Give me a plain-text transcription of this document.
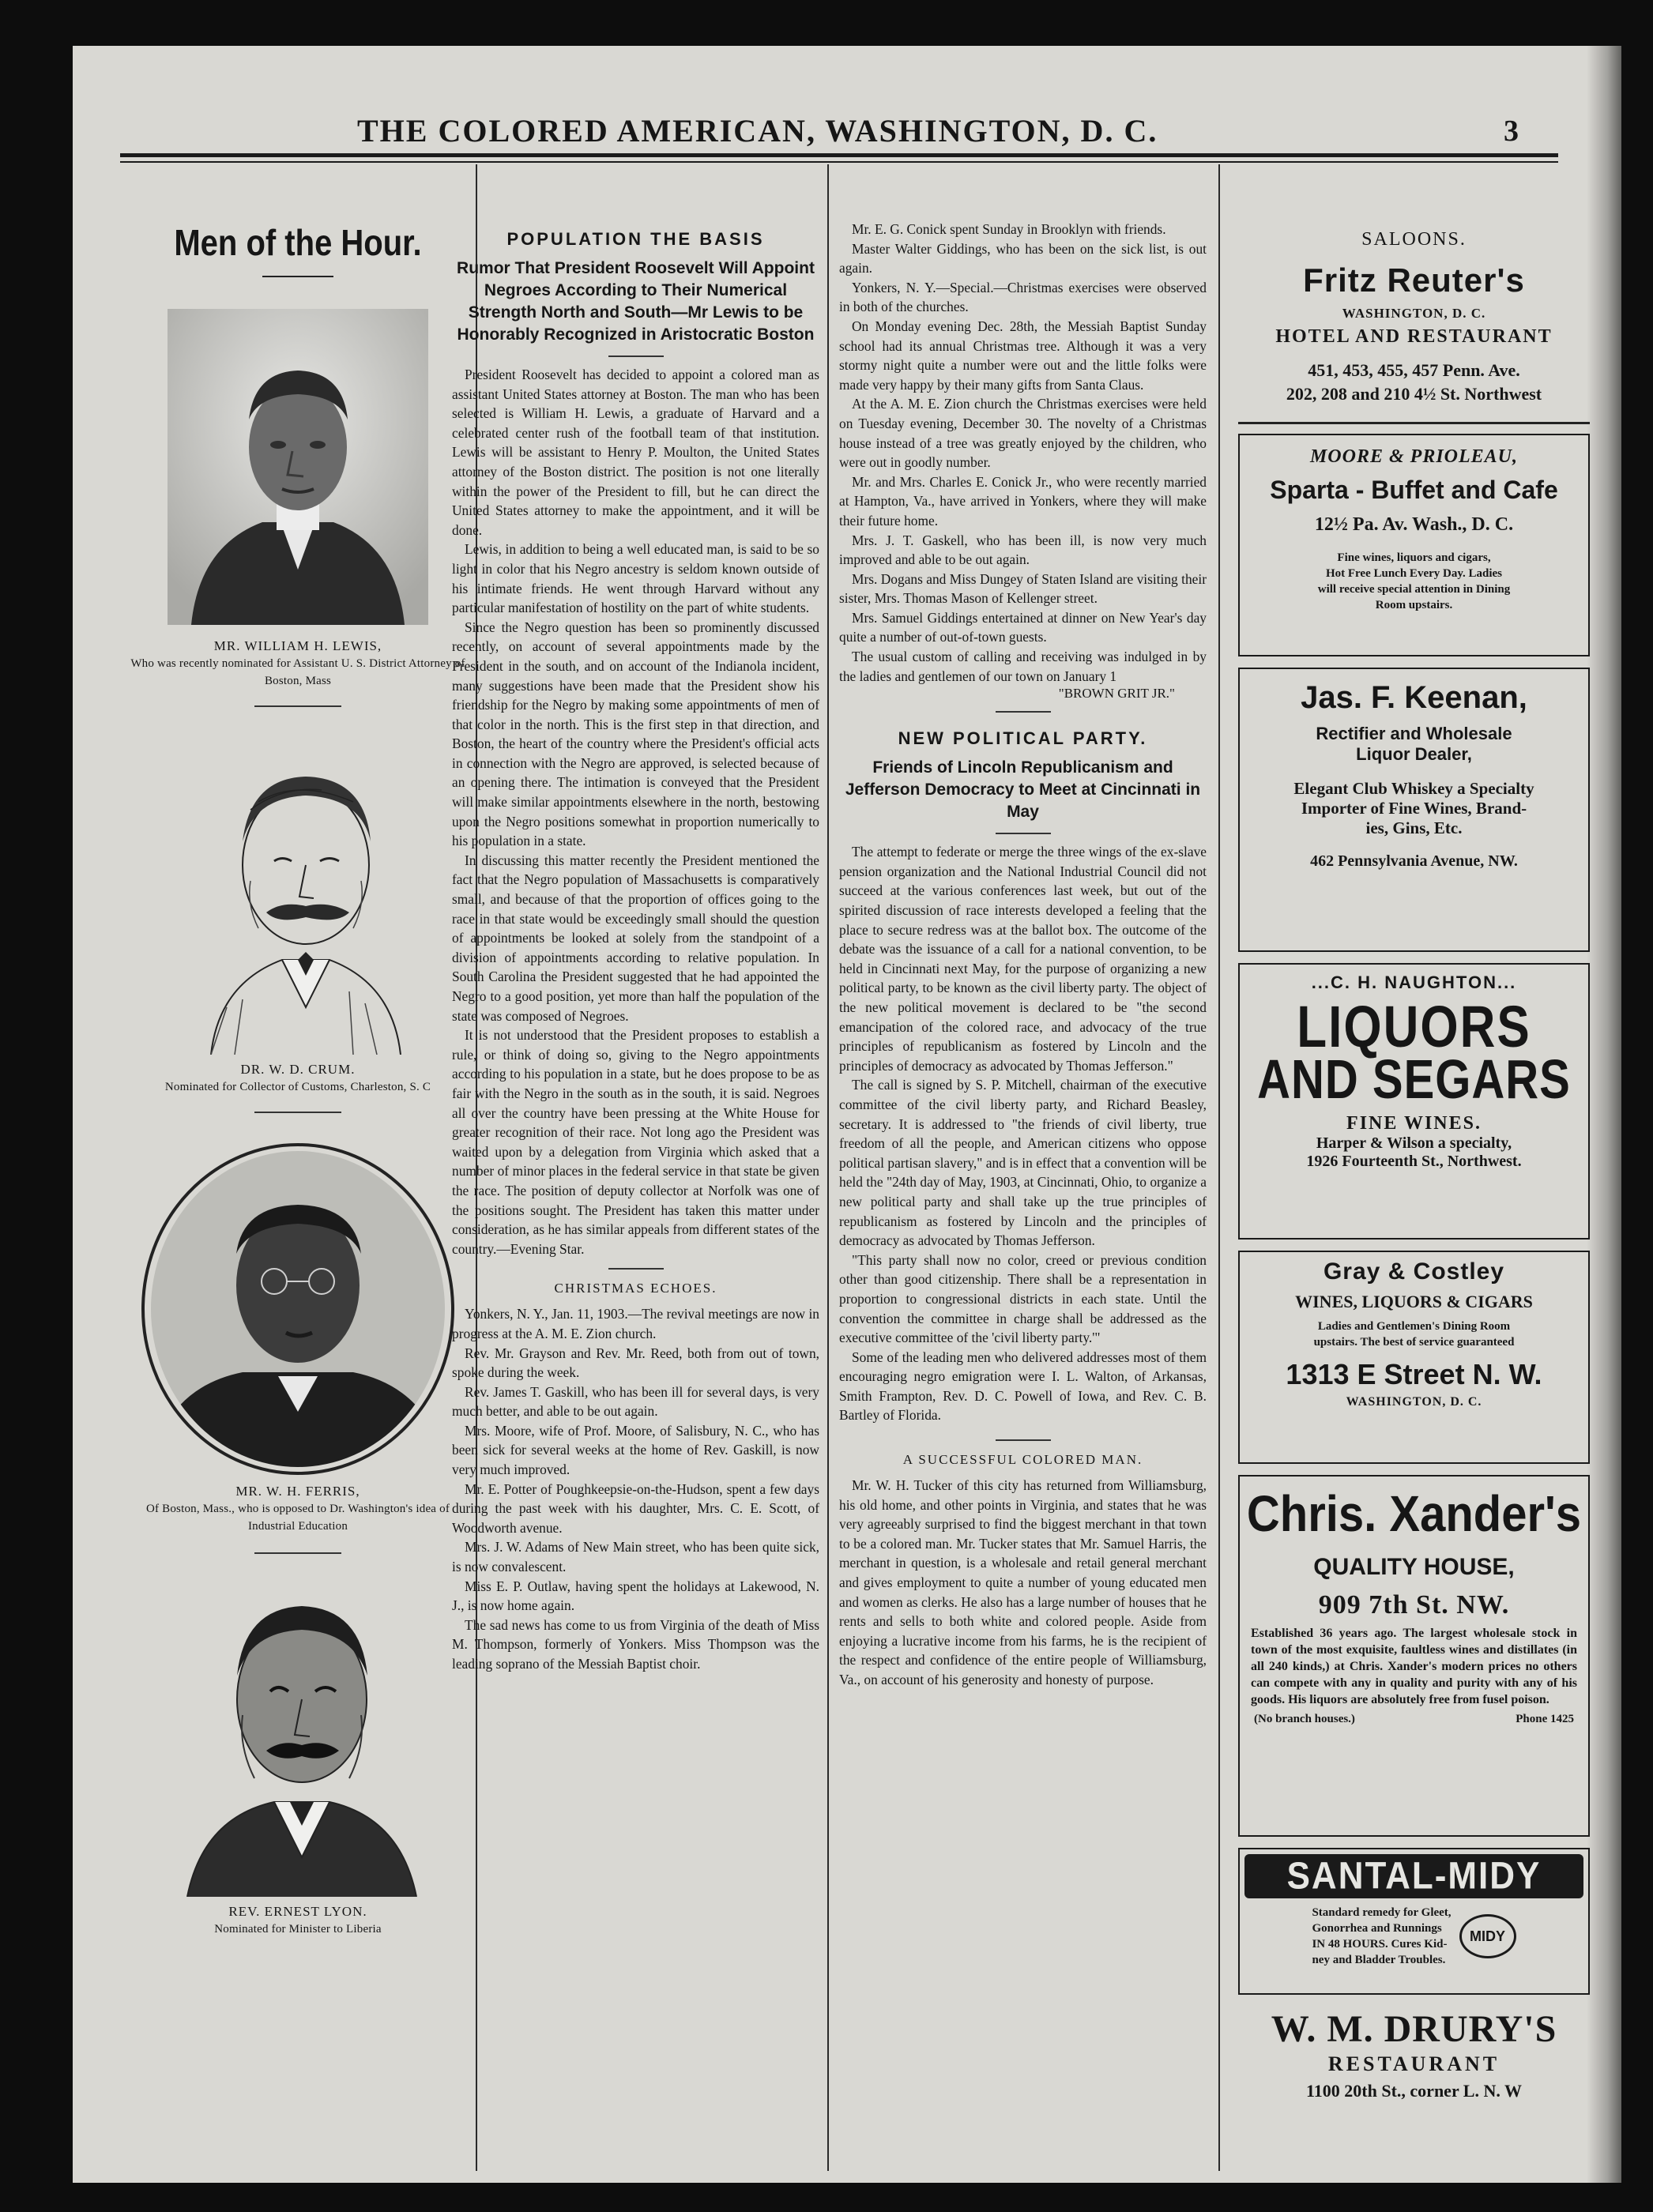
THE COLORED AMERICAN, WASHINGTON, D. C.	3
Men of the Hour.
MR. WILLIAM H. LEWIS,
Who was recently nominated for Assistant U. S. District Attorney of Boston, Mass
DR. W. D. CRUM.
Nominated for Collector of Customs, Charleston, S. C
MR. W. H. FERRIS,
Of Boston, Mass., who is opposed to Dr. Washington's idea of Industrial Education
REV. ERNEST LYON.
Nominated for Minister to Liberia
POPULATION THE BASIS
Rumor That President Roosevelt Will Appoint Negroes According to Their Numerical Strength North and South—Mr Lewis to be Honorably Recognized in Aristocratic Boston

President Roosevelt has decided to appoint a colored man as assistant United States attorney at Boston. The man who has been selected is William H. Lewis, a graduate of Harvard and a celebrated center rush of the football team of that institution. Lewis will be assistant to Henry P. Moulton, the United States attorney of the Boston district. The position is not one literally within the power of the President to fill, but he can direct the United States attorney to make the appointment, and it will be done.

Lewis, in addition to being a well educated man, is said to be so light in color that his Negro ancestry is seldom known outside of his intimate friends. He went through Harvard without any particular manifestation of hostility on the part of white students.

Since the Negro question has been so prominently discussed recently, on account of several appointments made by the President in the south, and on account of the Indianola incident, many suggestions have been made that the President show his friendship for the Negro by making some appointments of men of that color in the north. This is the first step in that direction, and Boston, the heart of the country where the President's official acts in connection with the Negro are approved, is selected because of an opening there. The intimation is conveyed that the President will make similar appointments elsewhere in the north, bestowing upon the Negro positions somewhat in proportion numerically to his population in a state.

In discussing this matter recently the President mentioned the fact that the Negro population of Massachusetts is comparatively small, and because of that the proportion of offices going to the race in that state would be exceedingly small should the question of appointments be looked at solely from the standpoint of a division of appointments according to relative population. In South Carolina the President suggested that he had appointed the Negro to a good position, yet more than half the population of the state was composed of Negroes.

It is not understood that the President proposes to establish a rule, or think of doing so, giving to the Negro appointments according to his population in a state, but he does propose to be as fair with the Negro in the south as in the south, it is said. Negroes all over the country have been pressing at the White House for greater recognition of their race. Not long ago the President was waited upon by a delegation from Virginia which asked that a number of minor places in the federal service in that state be given the race. The position of deputy collector at Norfolk was one of the positions sought. The President has taken this matter under consideration, as he has similar appeals from different states of the country.—Evening Star.

CHRISTMAS ECHOES.

Yonkers, N. Y., Jan. 11, 1903.—The revival meetings are now in progress at the A. M. E. Zion church.

Rev. Mr. Grayson and Rev. Mr. Reed, both from out of town, spoke during the week.

Rev. James T. Gaskill, who has been ill for several days, is very much better, and able to be out again.

Mrs. Moore, wife of Prof. Moore, of Salisbury, N. C., who has been sick for several weeks at the home of Rev. Gaskill, is now very much improved.

Mr. E. Potter of Poughkeepsie-on-the-Hudson, spent a few days during the past week with his daughter, Mrs. C. E. Scott, of Woodworth avenue.

Mrs. J. W. Adams of New Main street, who has been quite sick, is now convalescent.

Miss E. P. Outlaw, having spent the holidays at Lakewood, N. J., is now home again.

The sad news has come to us from Virginia of the death of Miss M. Thompson, formerly of Yonkers. Miss Thompson was the leading soprano of the Messiah Baptist choir.

Mr. E. G. Conick spent Sunday in Brooklyn with friends.

Master Walter Giddings, who has been on the sick list, is out again.

Yonkers, N. Y.—Special.—Christmas exercises were observed in both of the churches.

On Monday evening Dec. 28th, the Messiah Baptist Sunday school had its annual Christmas tree. Although it was a very stormy night quite a number were out and the little folks were made very happy by their many gifts from Santa Claus.

At the A. M. E. Zion church the Christmas exercises were held on Tuesday evening, December 30. The novelty of a Christmas house instead of a tree was greatly enjoyed by the children, who were out in goodly number.

Mr. and Mrs. Charles E. Conick Jr., who were recently married at Hampton, Va., have arrived in Yonkers, where they will make their future home.

Mrs. J. T. Gaskell, who has been ill, is now very much improved and able to be out again.

Mrs. Dogans and Miss Dungey of Staten Island are visiting their sister, Mrs. Thomas Mason of Kellenger street.

Mrs. Samuel Giddings entertained at dinner on New Year's day quite a number of out-of-town guests.

The usual custom of calling and receiving was indulged in by the ladies and gentlemen of our town on January 1

"BROWN GRIT JR."
NEW POLITICAL PARTY.
Friends of Lincoln Republicanism and Jefferson Democracy to Meet at Cincinnati in May

The attempt to federate or merge the three wings of the ex-slave pension organization and the National Industrial Council did not succeed at the various conferences last week, but out of the spirited discussion of race interests developed a feeling that the place to secure redress was at the ballot box. The outcome of the debate was the issuance of a call for a national convention, to be held in Cincinnati next May, for the purpose of organizing a new political party, to be known as the civil liberty party. The object of the new political movement is declared to be "the second emancipation of the colored race, and advocacy of the true principles of republicanism as fostered by Lincoln and the principles of democracy as advocated by Thomas Jefferson."

The call is signed by S. P. Mitchell, chairman of the executive committee of the civil liberty party, and Richard Beasley, secretary. It is addressed to "the friends of civil liberty, true freedom of all the people, and American citizens who oppose political partisan slavery," and is in effect that a convention will be held the "24th day of May, 1903, at Cincinnati, Ohio, to organize a new political party and shall take up the true principles of republicanism as fostered by Lincoln and the principles of democracy as advocated by Thomas Jefferson.

"This party shall now no color, creed or previous condition other than good citizenship. There shall be a representation in proportion to congressional districts in each state. Until the convention the committee in charge shall be addressed as the executive committee of the 'civil liberty party.'"

Some of the leading men who delivered addresses most of them encouraging negro emigration were I. L. Walton, of Arkansas, Smith Frampton, Rev. D. C. Powell of Iowa, and Rev. C. B. Bartley of Florida.

A SUCCESSFUL COLORED MAN.

Mr. W. H. Tucker of this city has returned from Williamsburg, his old home, and other points in Virginia, and states that he was very agreeably surprised to find the biggest merchant in that town to be a colored man. Mr. Tucker states that Mr. Samuel Harris, the merchant in question, is a wholesale and retail general merchant and gives employment to quite a number of young educated men and women as clerks. He also has a large number of houses that he rents and sells to both white and colored people. Aside from enjoying a lucrative income from his farms, he is the recipient of the respect and confidence of the entire people of Williamsburg, Va., on account of his generosity and honesty of purpose.

SALOONS.
Fritz Reuter's
WASHINGTON, D. C.
HOTEL AND RESTAURANT
451, 453, 455, 457 Penn. Ave.
202, 208 and 210 4½ St. Northwest
MOORE & PRIOLEAU,
Sparta - Buffet and Cafe
12½ Pa. Av. Wash., D. C.
Fine wines, liquors and cigars,
Hot Free Lunch Every Day. Ladies
will receive special attention in Dining
Room upstairs.
Jas. F. Keenan,
Rectifier and Wholesale
Liquor Dealer,
Elegant Club Whiskey a Specialty
Importer of Fine Wines, Brand-
ies, Gins, Etc.
462 Pennsylvania Avenue, NW.
...C. H. NAUGHTON...
LIQUORS
AND SEGARS
FINE WINES.
Harper & Wilson a specialty,
1926 Fourteenth St., Northwest.
Gray & Costley
WINES, LIQUORS & CIGARS
Ladies and Gentlemen's Dining Room
upstairs. The best of service guaranteed
1313 E Street N. W.
WASHINGTON, D. C.
Chris. Xander's
QUALITY HOUSE,
909 7th St. NW.
Established 36 years ago. The largest wholesale stock in town of the most exquisite, faultless wines and distillates (in all 240 kinds,) at Chris. Xander's modern prices no others can compete with any in quality and purity with any of his goods. His liquors are absolutely free from fusel poison.
(No branch houses.)	Phone 1425
SANTAL-MIDY
Standard remedy for Gleet,
Gonorrhea and Runnings
IN 48 HOURS. Cures Kid-
ney and Bladder Troubles.
MIDY
W. M. DRURY'S
RESTAURANT
1100 20th St., corner L. N. W
